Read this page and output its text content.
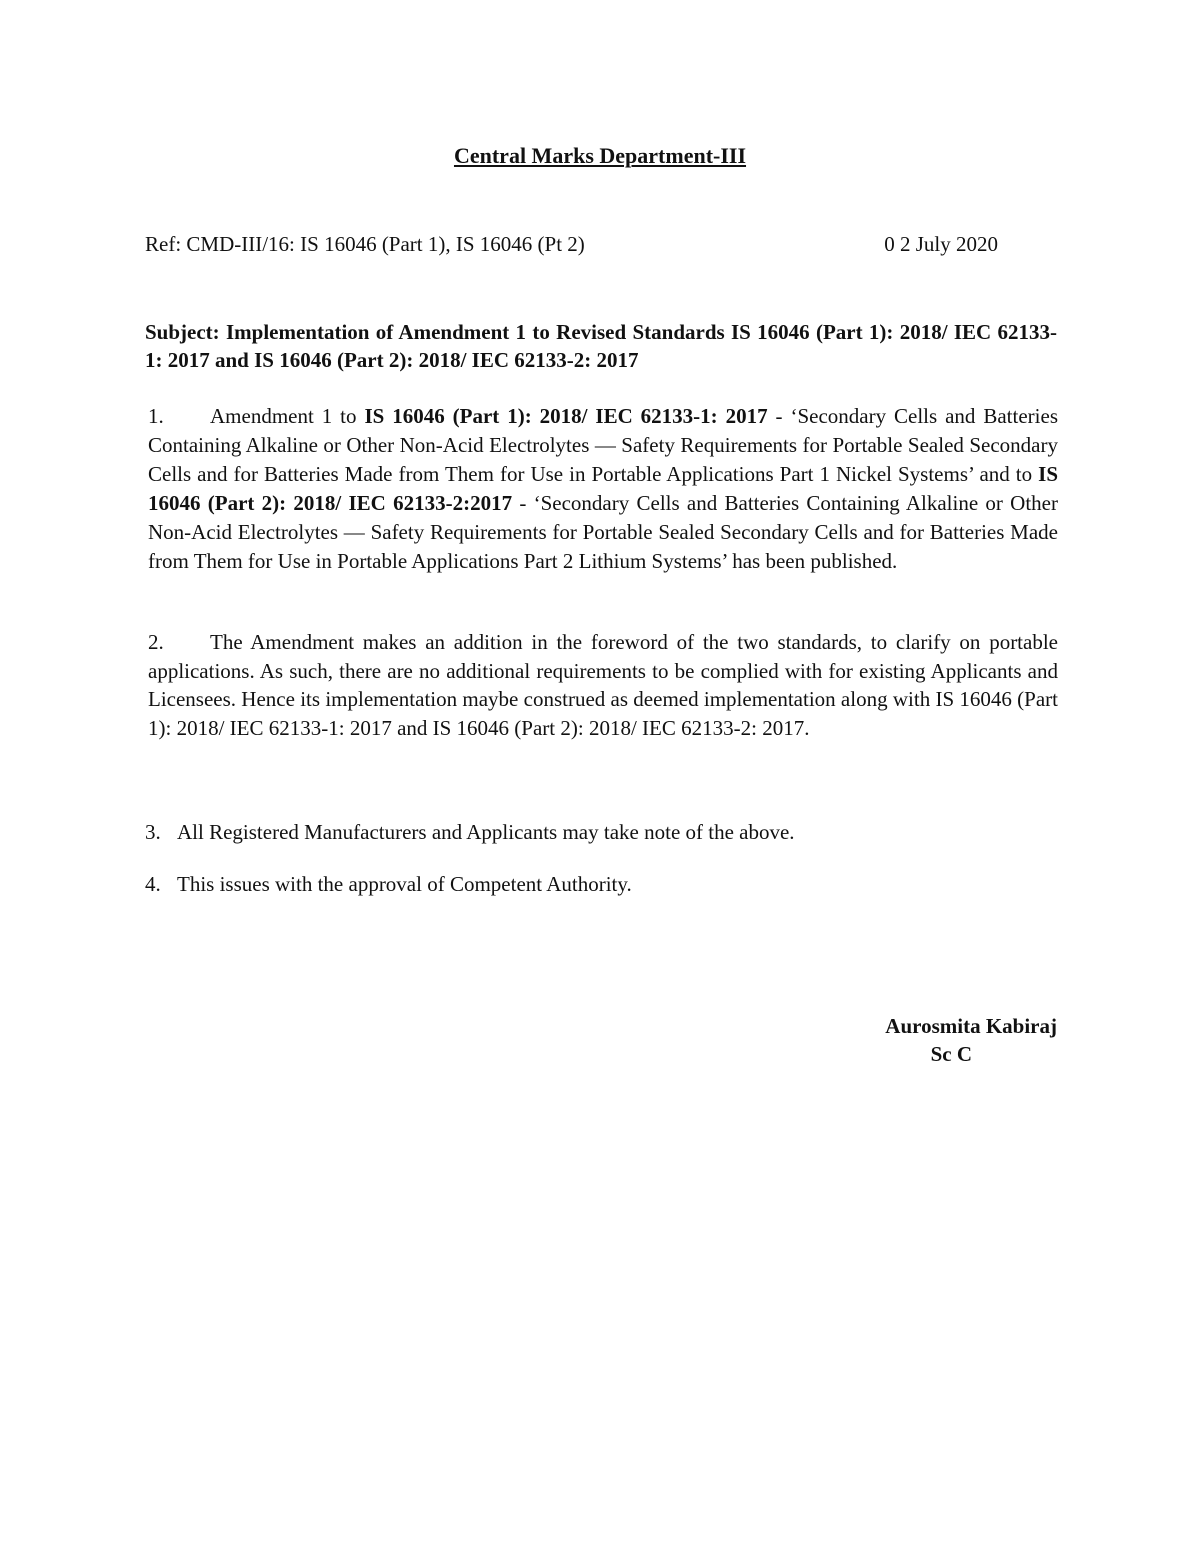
Central Marks Department-III
Ref: CMD-III/16: IS 16046 (Part 1), IS 16046 (Pt 2)	0 2 July 2020
Subject: Implementation of Amendment 1 to Revised Standards IS 16046 (Part 1): 2018/ IEC 62133-1: 2017 and IS 16046 (Part 2): 2018/ IEC 62133-2: 2017
1. Amendment 1 to IS 16046 (Part 1): 2018/ IEC 62133-1: 2017 - ‘Secondary Cells and Batteries Containing Alkaline or Other Non-Acid Electrolytes — Safety Requirements for Portable Sealed Secondary Cells and for Batteries Made from Them for Use in Portable Applications Part 1 Nickel Systems’ and to IS 16046 (Part 2): 2018/ IEC 62133-2:2017 - ‘Secondary Cells and Batteries Containing Alkaline or Other Non-Acid Electrolytes — Safety Requirements for Portable Sealed Secondary Cells and for Batteries Made from Them for Use in Portable Applications Part 2 Lithium Systems’ has been published.
2. The Amendment makes an addition in the foreword of the two standards, to clarify on portable applications. As such, there are no additional requirements to be complied with for existing Applicants and Licensees. Hence its implementation maybe construed as deemed implementation along with IS 16046 (Part 1): 2018/ IEC 62133-1: 2017 and IS 16046 (Part 2): 2018/ IEC 62133-2: 2017.
3. All Registered Manufacturers and Applicants may take note of the above.
4. This issues with the approval of Competent Authority.
Aurosmita Kabiraj
Sc C
